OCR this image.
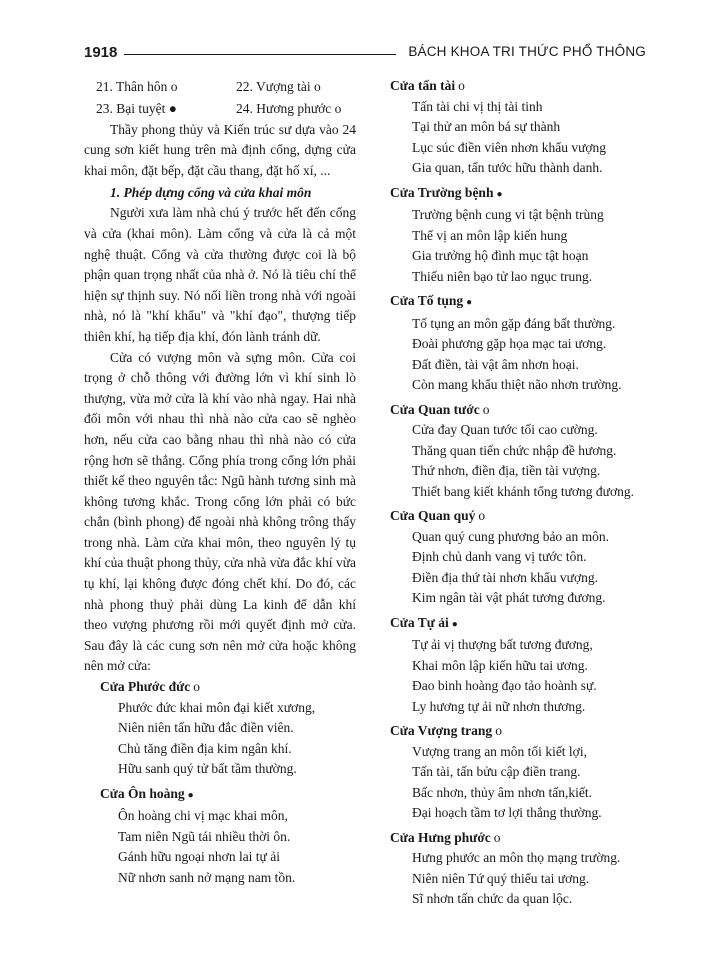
1918	BÁCH KHOA TRI THỨC PHỔ THÔNG
21. Thân hôn o	22. Vượng tài o
23. Bại tuyệt ●	24. Hương phước o

Thầy phong thủy và Kiến trúc sư dựa vào 24 cung sơn kiết hung trên mà định cổng, dựng cửa khai môn, đặt bếp, đặt cầu thang, đặt hố xí, ...

1. Phép dựng cổng và cửa khai môn

Người xưa làm nhà chú ý trước hết đến cổng và cửa (khai môn). Làm cổng và cửa là cả một nghệ thuật. Cổng và cửa thường được coi là bộ phận quan trọng nhất của nhà ở. Nó là tiêu chí thể hiện sự thịnh suy. Nó nối liền trong nhà với ngoài nhà, nó là "khí khẩu" và "khí đạo", thượng tiếp thiên khí, hạ tiếp địa khí, đón lành tránh dữ.

Cửa có vượng môn và sựng môn. Cửa coi trọng ở chỗ thông với đường lớn vì khí sinh lò thượng, vừa mở cửa là khí vào nhà ngay. Hai nhà đối môn với nhau thì nhà nào cửa cao sẽ nghèo hơn, nếu cửa cao bằng nhau thì nhà nào có cửa rộng hơn sẽ thắng. Cổng phía trong cổng lớn phải thiết kế theo nguyên tắc: Ngũ hành tương sinh mà không tương khắc. Trong cổng lớn phải có bức chắn (bình phong) để ngoài nhà không trông thấy trong nhà. Làm cửa khai môn, theo nguyên lý tụ khí của thuật phong thủy, cửa nhà vừa đắc khí vừa tụ khí, lại không được đóng chết khí. Do đó, các nhà phong thuỷ phải dùng La kinh để dẫn khí theo vượng phương rồi mới quyết định mở cửa. Sau đây là các cung sơn nên mở cửa hoặc không nên mở cửa:

Cửa Phước đứco

Phước đức khai môn đại kiết xương,

Niên niên tấn hữu đắc điền viên.

Chủ tăng điền địa kim ngân khí.

Hữu sanh quý tử bất tầm thường.

Cửa Ôn hoàng●

Ôn hoàng chi vị mạc khai môn,

Tam niên Ngũ tái nhiều thời ôn.

Gánh hữu ngoại nhơn lai tự ải

Nữ nhơn sanh nở mạng nam tồn.

Cửa tấn tàio

Tấn tài chi vị thị tài tinh

Tại thử an môn bá sự thành

Lục súc điền viên nhơn khẩu vượng

Gia quan, tấn tước hữu thành danh.

Cửa Trường bệnh●

Trường bệnh cung vi tật bệnh trùng

Thể vị an môn lập kiến hung

Gia trưởng hộ đình mục tật hoạn

Thiếu niên bạo tử lao ngục trung.

Cửa Tố tụng●

Tố tụng an môn gặp đáng bất thường.

Đoài phương gặp họa mạc tai ương.

Đất điền, tài vật âm nhơn hoại.

Còn mang khẩu thiệt não nhơn trường.

Cửa Quan tướco

Cửa đay Quan tước tối cao cường.

Thăng quan tiến chức nhập đề hương.

Thứ nhơn, điền địa, tiền tài vượng.

Thiết bang kiết khánh tổng tương đương.

Cửa Quan quýo

Quan quý cung phương bảo an môn.

Định chủ danh vang vị tước tôn.

Điền địa thứ tài nhơn khẩu vượng.

Kim ngân tài vật phát tương đương.

Cửa Tự ải●

Tự ải vị thượng bất tương đương,

Khai môn lập kiến hữu tai ương.

Đao binh hoàng đạo tảo hoành sự.

Ly hương tự ải nữ nhơn thương.

Cửa Vượng trango

Vượng trang an môn tối kiết lợi,

Tấn tài, tấn bửu cập điền trang.

Bấc nhơn, thủy âm nhơn tấn,kiết.

Đại hoạch tầm tơ lợi thắng thường.

Cửa Hưng phướco

Hưng phước an môn thọ mạng trường.

Niên niên Tứ quý thiểu tai ương.

Sĩ nhơn tấn chức da quan lộc.
